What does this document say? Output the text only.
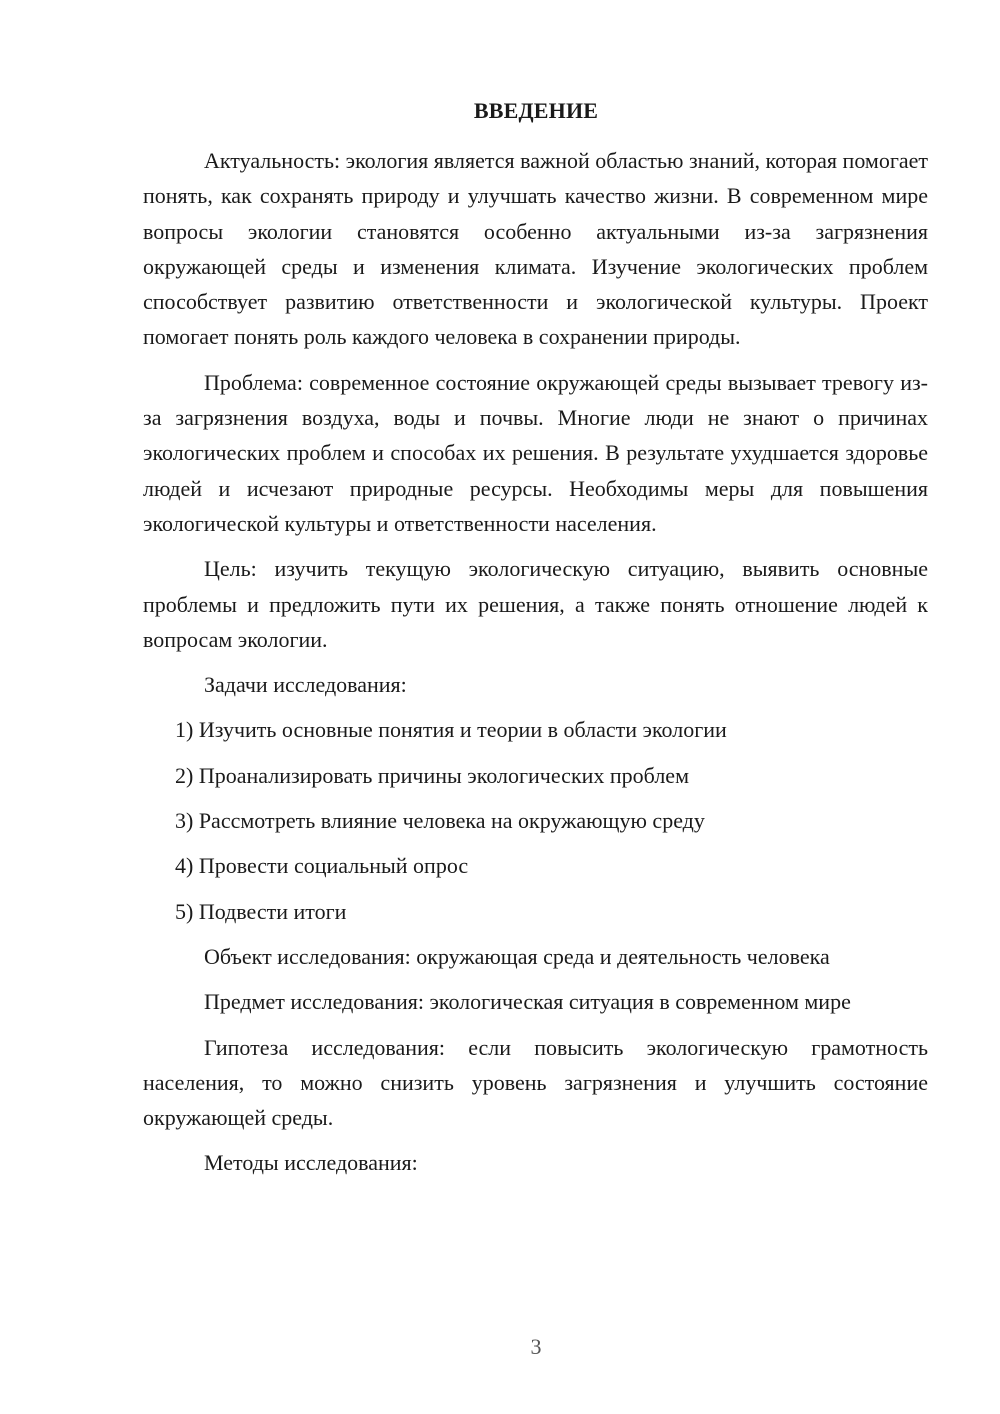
ВВЕДЕНИЕ

Актуальность: экология является важной областью знаний, которая помогает понять, как сохранять природу и улучшать качество жизни. В современном мире вопросы экологии становятся особенно актуальными из-за загрязнения окружающей среды и изменения климата. Изучение экологических проблем способствует развитию ответственности и экологической культуры. Проект помогает понять роль каждого человека в сохранении природы.

Проблема: современное состояние окружающей среды вызывает тревогу из-за загрязнения воздуха, воды и почвы. Многие люди не знают о причинах экологических проблем и способах их решения. В результате ухудшается здоровье людей и исчезают природные ресурсы. Необходимы меры для повышения экологической культуры и ответственности населения.

Цель: изучить текущую экологическую ситуацию, выявить основные проблемы и предложить пути их решения, а также понять отношение людей к вопросам экологии.

Задачи исследования:

1) Изучить основные понятия и теории в области экологии

2) Проанализировать причины экологических проблем

3) Рассмотреть влияние человека на окружающую среду

4) Провести социальный опрос

5) Подвести итоги

Объект исследования: окружающая среда и деятельность человека

Предмет исследования: экологическая ситуация в современном мире

Гипотеза исследования: если повысить экологическую грамотность населения, то можно снизить уровень загрязнения и улучшить состояние окружающей среды.

Методы исследования:

3
